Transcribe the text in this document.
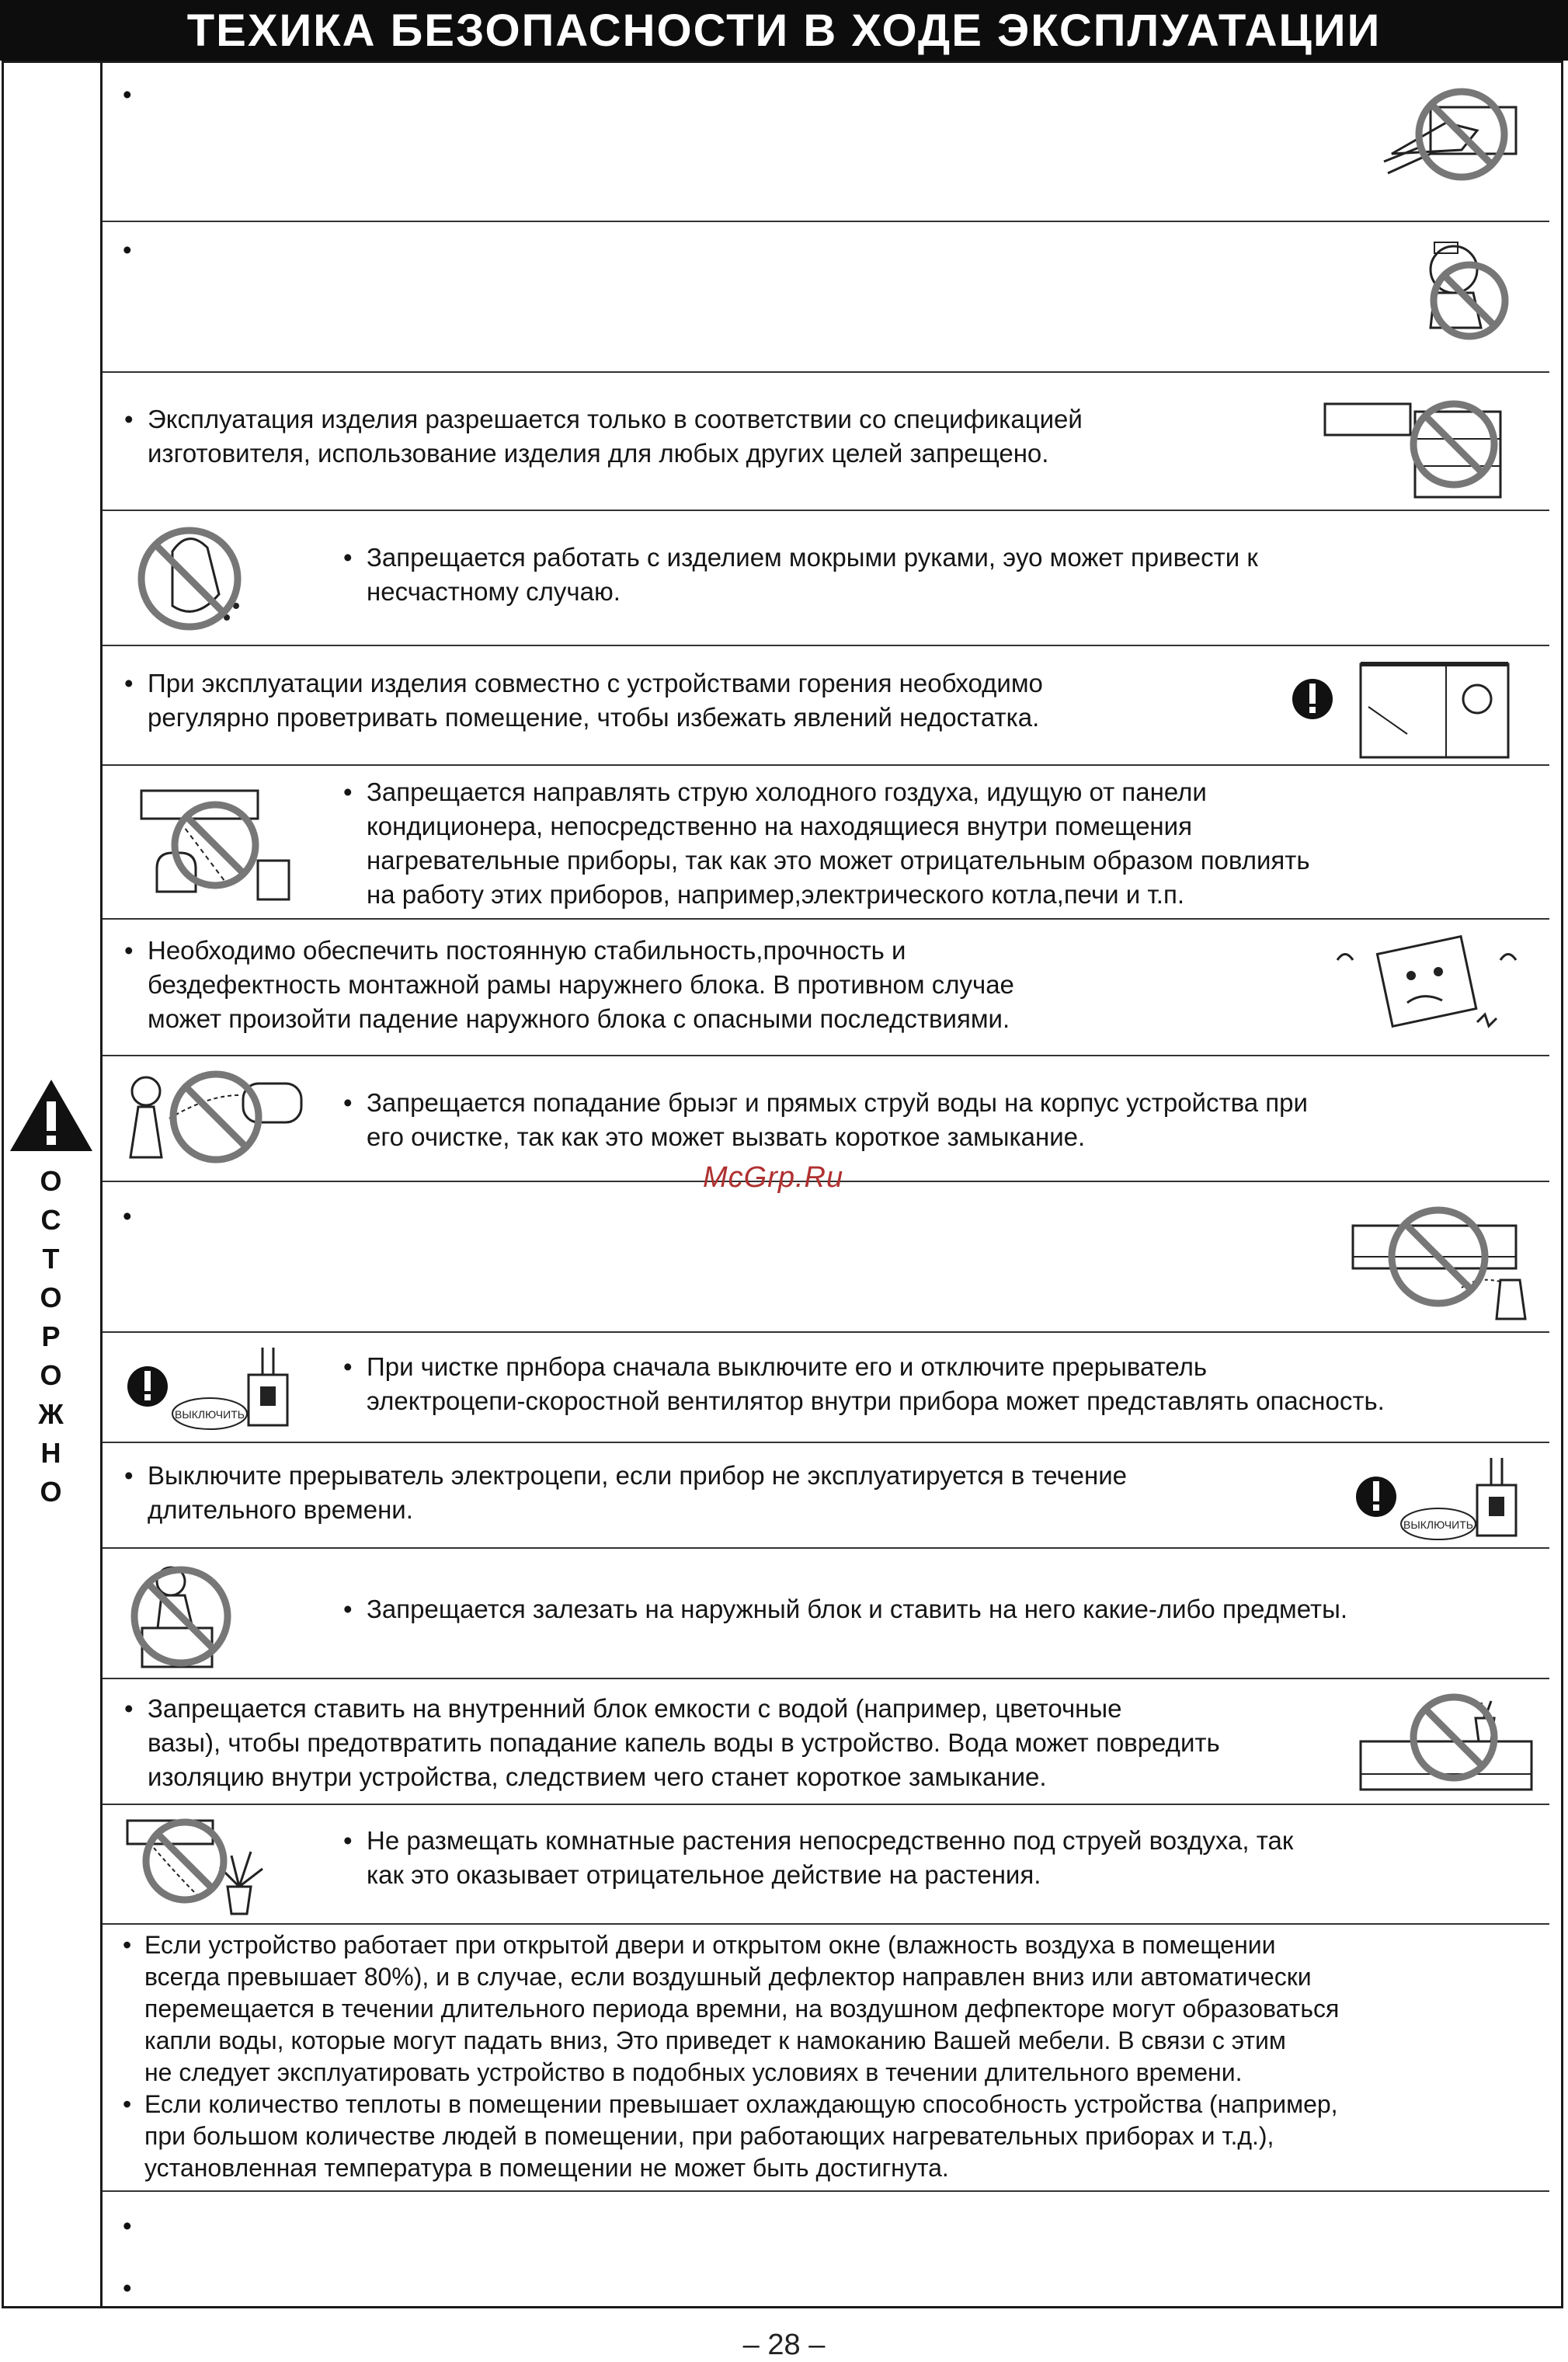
ТЕХИКА БЕЗОПАСНОСТИ В ХОДЕ ЭКСПЛУАТАЦИИ
О
С
Т
О
Р
О
Ж
Н
О
•
•
• Эксплуатация изделия разрешается только в соответствии со спецификацией
изготовителя, использование изделия для любых других целей запрещено.
• Запрещается работать с изделием мокрыми руками, эуо может привести к
несчастному случаю.
• При эксплуатации изделия совместно с устройствами горения необходимо
регулярно проветривать помещение, чтобы избежать явлений недостатка.
• Запрещается направлять струю холодного гоздуха, идущую от панели
кондиционера, непосредственно на находящиеся внутри помещения
нагревательные приборы, так как это может отрицательным образом повлиять
на работу этих приборов, например,электрического котла,печи и т.п.
• Необходимо обеспечить постоянную стабильность,прочность и
бездефектность монтажной рамы наружнего блока. В противном случае
может произойти падение наружного блока с опасными последствиями.
• Запрещается попадание брыэг и прямых струй воды на корпус устройства при
его очистке, так как это может вызвать короткое замыкание.
•
ВЫКЛЮЧИТЬ
• При чистке прнбора сначала выключите его и отключите прерыватель
электроцепи-скоростной вентилятор внутри прибора может представлять опасность.
• Выключите прерыватель электроцепи, если прибор не эксплуатируется в течение
длительного времени.
ВЫКЛЮЧИТЬ
• Запрещается залезать на наружный блок и ставить на него какие-либо предметы.
• Запрещается ставить на внутренний блок емкости с водой (например, цветочные
вазы), чтобы предотвратить попадание капель воды в устройство. Вода может повредить
изоляцию внутри устройства, следствием чего станет короткое замыкание.
• Не размещать комнатные растения непосредственно под струей воздуха, так
как это оказывает отрицательное действие на растения.
• Если устройство работает при открытой двери и открытом окне (влажность воздуха в помещении
всегда превышает 80%), и в случае, если воздушный дефлектор направлен вниз или автоматически
перемещается в течении длительного периода времни, на воздушном дефпекторе могут образоваться
капли воды, которые могут падать вниз, Это приведет к намоканию Вашей мебели. В связи с этим
не следует эксплуатировать устройство в подобных условиях в течении длительного времени.
• Если количество теплоты в помещении превышает охлаждающую способность устройства (например,
при большом количестве людей в помещении, при работающих нагревательных приборах и т.д.),
установленная температура в помещении не может быть достигнута.
•
•
McGrp.Ru
– 28 –
